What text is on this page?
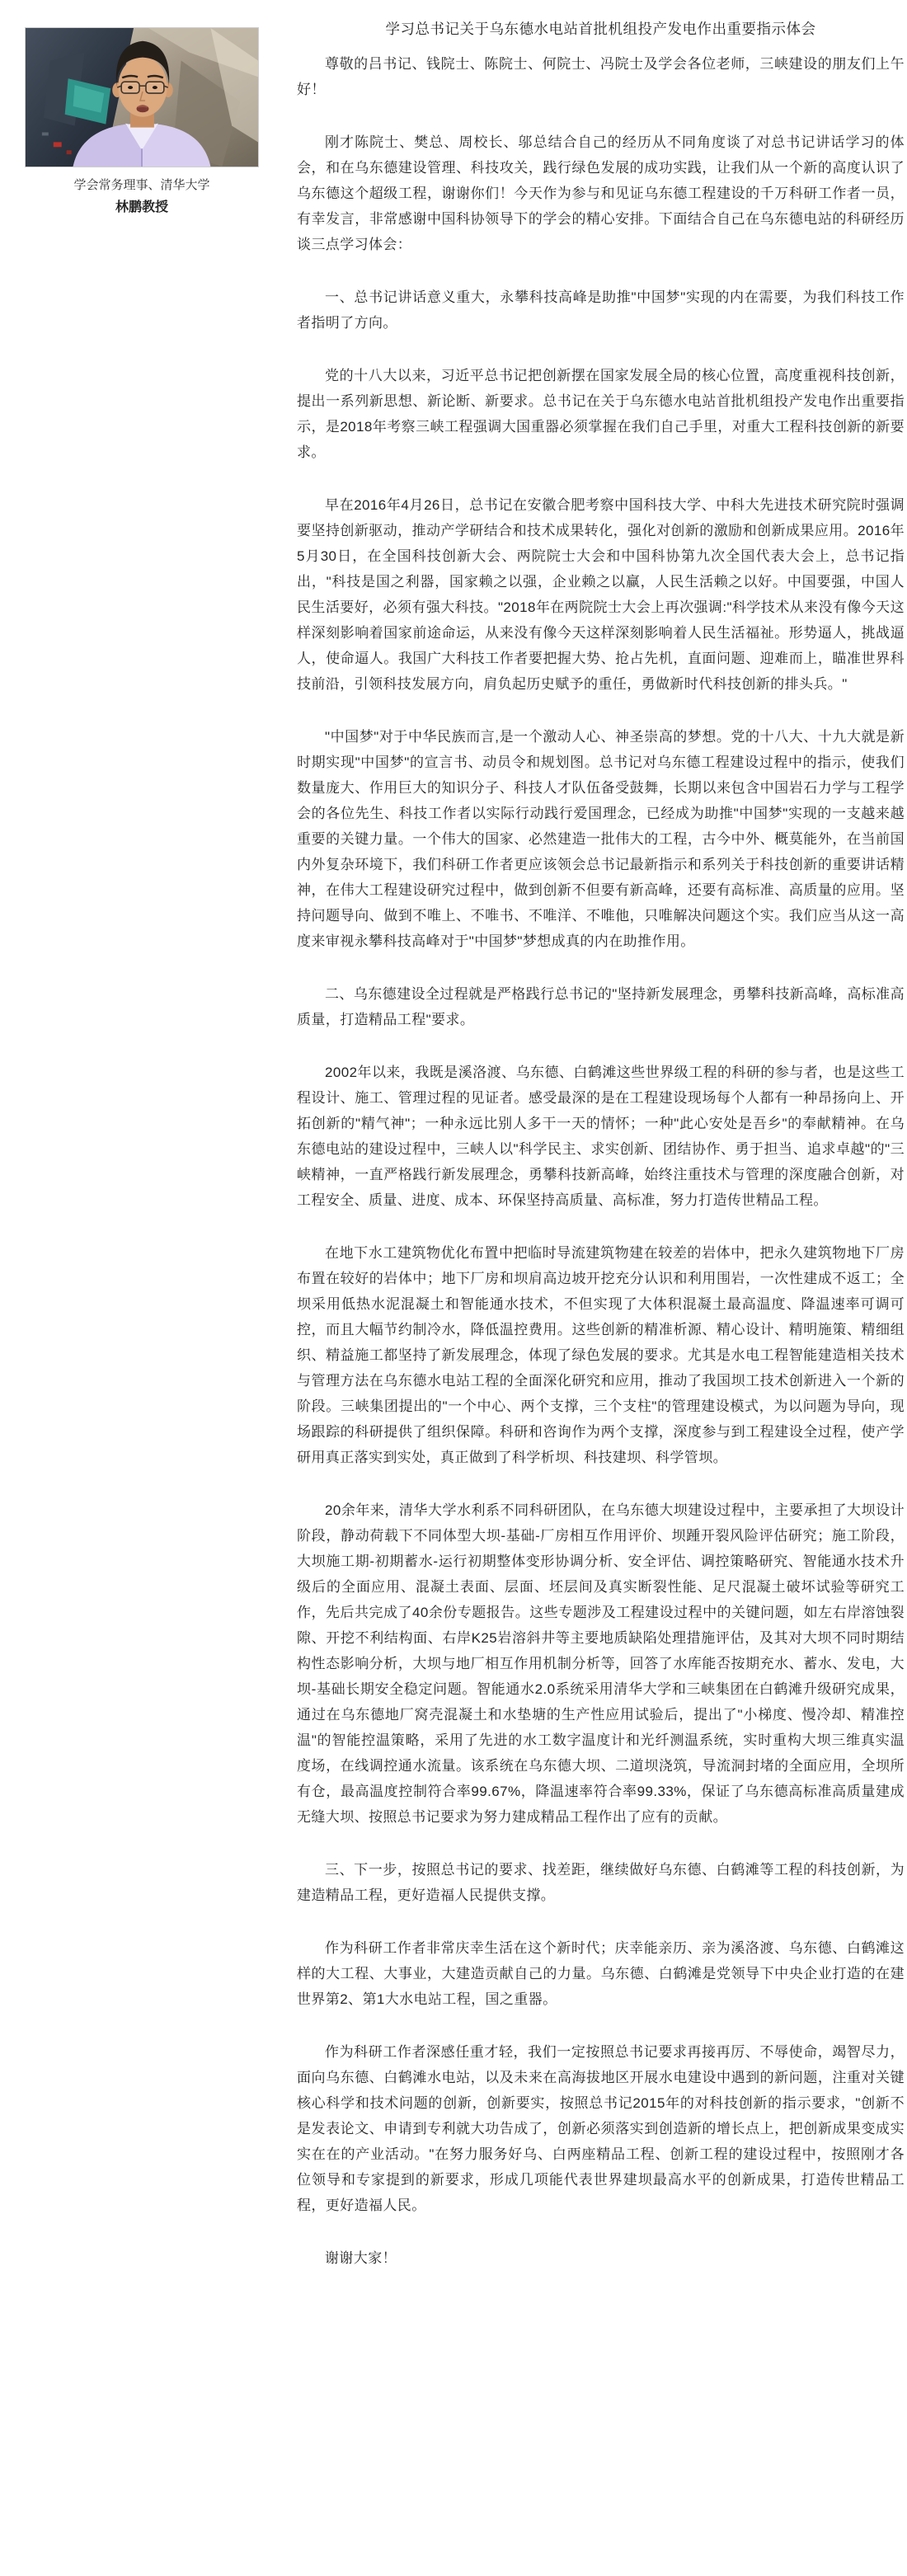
学会常务理事、清华大学
林鹏教授
学习总书记关于乌东德水电站首批机组投产发电作出重要指示体会

尊敬的吕书记、钱院士、陈院士、何院士、冯院士及学会各位老师，三峡建设的朋友们上午好！

刚才陈院士、樊总、周校长、邬总结合自己的经历从不同角度谈了对总书记讲话学习的体会，和在乌东德建设管理、科技攻关，践行绿色发展的成功实践，让我们从一个新的高度认识了乌东德这个超级工程，谢谢你们！今天作为参与和见证乌东德工程建设的千万科研工作者一员，有幸发言，非常感谢中国科协领导下的学会的精心安排。下面结合自己在乌东德电站的科研经历谈三点学习体会：

一、总书记讲话意义重大，永攀科技高峰是助推"中国梦"实现的内在需要，为我们科技工作者指明了方向。

党的十八大以来，习近平总书记把创新摆在国家发展全局的核心位置，高度重视科技创新，提出一系列新思想、新论断、新要求。总书记在关于乌东德水电站首批机组投产发电作出重要指示，是2018年考察三峡工程强调大国重器必须掌握在我们自己手里，对重大工程科技创新的新要求。

早在2016年4月26日，总书记在安徽合肥考察中国科技大学、中科大先进技术研究院时强调要坚持创新驱动，推动产学研结合和技术成果转化，强化对创新的激励和创新成果应用。2016年5月30日，在全国科技创新大会、两院院士大会和中国科协第九次全国代表大会上，总书记指出，"科技是国之利器，国家赖之以强，企业赖之以赢，人民生活赖之以好。中国要强，中国人民生活要好，必须有强大科技。"2018年在两院院士大会上再次强调:"科学技术从来没有像今天这样深刻影响着国家前途命运，从来没有像今天这样深刻影响着人民生活福祉。形势逼人，挑战逼人，使命逼人。我国广大科技工作者要把握大势、抢占先机，直面问题、迎难而上，瞄准世界科技前沿，引领科技发展方向，肩负起历史赋予的重任，勇做新时代科技创新的排头兵。"

"中国梦"对于中华民族而言,是一个激动人心、神圣崇高的梦想。党的十八大、十九大就是新时期实现"中国梦"的宣言书、动员令和规划图。总书记对乌东德工程建设过程中的指示，使我们数量庞大、作用巨大的知识分子、科技人才队伍备受鼓舞，长期以来包含中国岩石力学与工程学会的各位先生、科技工作者以实际行动践行爱国理念，已经成为助推"中国梦"实现的一支越来越重要的关键力量。一个伟大的国家、必然建造一批伟大的工程，古今中外、概莫能外，在当前国内外复杂环境下，我们科研工作者更应该领会总书记最新指示和系列关于科技创新的重要讲话精神，在伟大工程建设研究过程中，做到创新不但要有新高峰，还要有高标准、高质量的应用。坚持问题导向、做到不唯上、不唯书、不唯洋、不唯他，只唯解决问题这个实。我们应当从这一高度来审视永攀科技高峰对于"中国梦"梦想成真的内在助推作用。

二、乌东德建设全过程就是严格践行总书记的"坚持新发展理念，勇攀科技新高峰，高标准高质量，打造精品工程"要求。

2002年以来，我既是溪洛渡、乌东德、白鹤滩这些世界级工程的科研的参与者，也是这些工程设计、施工、管理过程的见证者。感受最深的是在工程建设现场每个人都有一种昂扬向上、开拓创新的"精气神"；一种永远比别人多干一天的情怀；一种"此心安处是吾乡"的奉献精神。在乌东德电站的建设过程中，三峡人以"科学民主、求实创新、团结协作、勇于担当、追求卓越"的"三峡精神，一直严格践行新发展理念，勇攀科技新高峰，始终注重技术与管理的深度融合创新，对工程安全、质量、进度、成本、环保坚持高质量、高标准，努力打造传世精品工程。

在地下水工建筑物优化布置中把临时导流建筑物建在较差的岩体中，把永久建筑物地下厂房布置在较好的岩体中；地下厂房和坝肩高边坡开挖充分认识和利用围岩，一次性建成不返工；全坝采用低热水泥混凝土和智能通水技术，不但实现了大体积混凝土最高温度、降温速率可调可控，而且大幅节约制冷水，降低温控费用。这些创新的精准析源、精心设计、精明施策、精细组织、精益施工都坚持了新发展理念，体现了绿色发展的要求。尤其是水电工程智能建造相关技术与管理方法在乌东德水电站工程的全面深化研究和应用，推动了我国坝工技术创新进入一个新的阶段。三峡集团提出的"一个中心、两个支撑，三个支柱"的管理建设模式，为以问题为导向，现场跟踪的科研提供了组织保障。科研和咨询作为两个支撑，深度参与到工程建设全过程，使产学研用真正落实到实处，真正做到了科学析坝、科技建坝、科学管坝。

20余年来，清华大学水利系不同科研团队，在乌东德大坝建设过程中，主要承担了大坝设计阶段，静动荷载下不同体型大坝-基础-厂房相互作用评价、坝踵开裂风险评估研究；施工阶段，大坝施工期-初期蓄水-运行初期整体变形协调分析、安全评估、调控策略研究、智能通水技术升级后的全面应用、混凝土表面、层面、坯层间及真实断裂性能、足尺混凝土破坏试验等研究工作，先后共完成了40余份专题报告。这些专题涉及工程建设过程中的关键问题，如左右岸溶蚀裂隙、开挖不利结构面、右岸K25岩溶斜井等主要地质缺陷处理措施评估，及其对大坝不同时期结构性态影响分析，大坝与地厂相互作用机制分析等，回答了水库能否按期充水、蓄水、发电，大坝-基础长期安全稳定问题。智能通水2.0系统采用清华大学和三峡集团在白鹤滩升级研究成果，通过在乌东德地厂窝壳混凝土和水垫塘的生产性应用试验后，提出了"小梯度、慢冷却、精准控温"的智能控温策略，采用了先进的水工数字温度计和光纤测温系统，实时重构大坝三维真实温度场，在线调控通水流量。该系统在乌东德大坝、二道坝浇筑，导流洞封堵的全面应用，全坝所有仓，最高温度控制符合率99.67%，降温速率符合率99.33%，保证了乌东德高标准高质量建成无缝大坝、按照总书记要求为努力建成精品工程作出了应有的贡献。

三、下一步，按照总书记的要求、找差距，继续做好乌东德、白鹤滩等工程的科技创新，为建造精品工程，更好造福人民提供支撑。

作为科研工作者非常庆幸生活在这个新时代；庆幸能亲历、亲为溪洛渡、乌东德、白鹤滩这样的大工程、大事业，大建造贡献自己的力量。乌东德、白鹤滩是党领导下中央企业打造的在建世界第2、第1大水电站工程，国之重器。

作为科研工作者深感任重才轻，我们一定按照总书记要求再接再厉、不辱使命，竭智尽力，面向乌东德、白鹤滩水电站，以及未来在高海拔地区开展水电建设中遇到的新问题，注重对关键核心科学和技术问题的创新，创新要实，按照总书记2015年的对科技创新的指示要求，"创新不是发表论文、申请到专利就大功告成了，创新必须落实到创造新的增长点上，把创新成果变成实实在在的产业活动。"在努力服务好乌、白两座精品工程、创新工程的建设过程中，按照刚才各位领导和专家提到的新要求，形成几项能代表世界建坝最高水平的创新成果，打造传世精品工程，更好造福人民。

谢谢大家！
